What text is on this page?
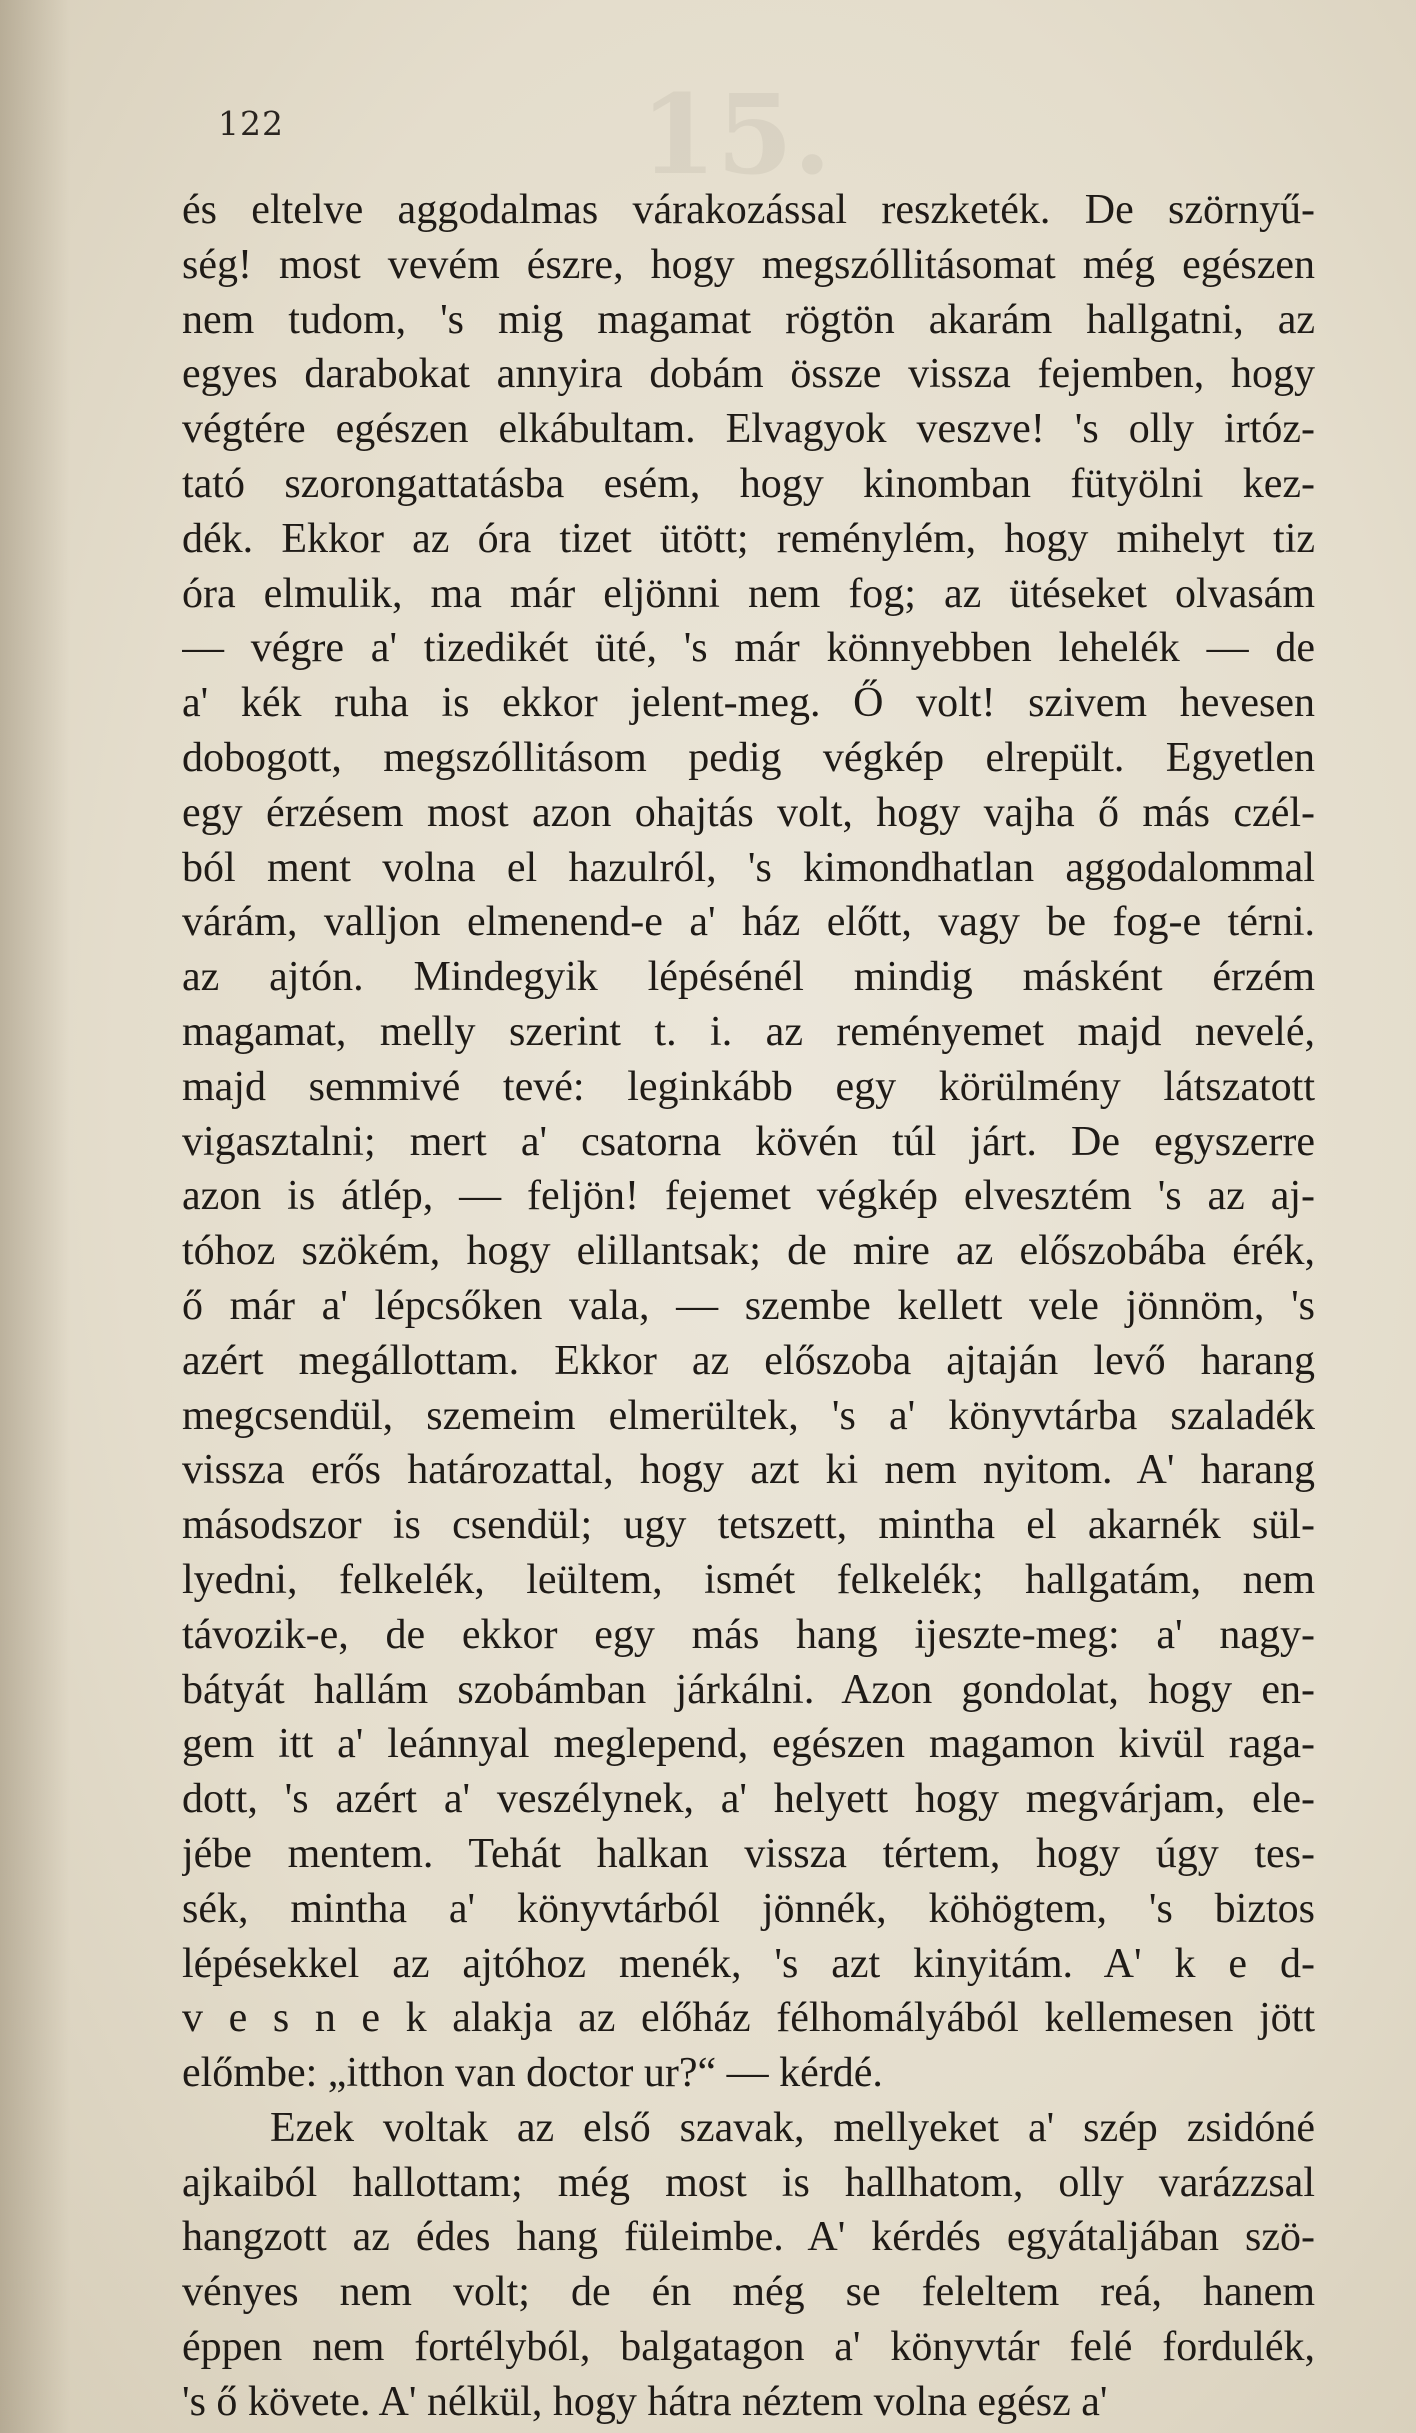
15.
122
és eltelve aggodalmas várakozással reszketék. De szörnyű-
ség! most vevém észre, hogy megszóllitásomat még egészen
nem tudom, 's mig magamat rögtön akarám hallgatni, az
egyes darabokat annyira dobám össze vissza fejemben, hogy
végtére egészen elkábultam. Elvagyok veszve! 's olly irtóz-
tató szorongattatásba esém, hogy kinomban fütyölni kez-
dék. Ekkor az óra tizet ütött; reménylém, hogy mihelyt tiz
óra elmulik, ma már eljönni nem fog; az ütéseket olvasám
— végre a' tizedikét üté, 's már könnyebben lehelék — de
a' kék ruha is ekkor jelent-meg. Ő volt! szivem hevesen
dobogott, megszóllitásom pedig végkép elrepült. Egyetlen
egy érzésem most azon ohajtás volt, hogy vajha ő más czél-
ból ment volna el hazulról, 's kimondhatlan aggodalommal
várám, valljon elmenend-e a' ház előtt, vagy be fog-e térni.
az ajtón. Mindegyik lépésénél mindig másként érzém
magamat, melly szerint t. i. az reményemet majd nevelé,
majd semmivé tevé: leginkább egy körülmény látszatott
vigasztalni; mert a' csatorna kövén túl járt. De egyszerre
azon is átlép, — feljön! fejemet végkép elvesztém 's az aj-
tóhoz szökém, hogy elillantsak; de mire az előszobába érék,
ő már a' lépcsőken vala, — szembe kellett vele jönnöm, 's
azért megállottam. Ekkor az előszoba ajtaján levő harang
megcsendül, szemeim elmerültek, 's a' könyvtárba szaladék
vissza erős határozattal, hogy azt ki nem nyitom. A' harang
másodszor is csendül; ugy tetszett, mintha el akarnék sül-
lyedni, felkelék, leültem, ismét felkelék; hallgatám, nem
távozik-e, de ekkor egy más hang ijeszte-meg: a' nagy-
bátyát hallám szobámban járkálni. Azon gondolat, hogy en-
gem itt a' leánnyal meglepend, egészen magamon kivül raga-
dott, 's azért a' veszélynek, a' helyett hogy megvárjam, ele-
jébe mentem. Tehát halkan vissza tértem, hogy úgy tes-
sék, mintha a' könyvtárból jönnék, köhögtem, 's biztos
lépésekkel az ajtóhoz menék, 's azt kinyitám. A' k e d-
v e s n e k alakja az előház félhomályából kellemesen jött
előmbe: „itthon van doctor ur?“ — kérdé.
Ezek voltak az első szavak, mellyeket a' szép zsidóné
ajkaiból hallottam; még most is hallhatom, olly varázzsal
hangzott az édes hang füleimbe. A' kérdés egyátaljában szö-
vényes nem volt; de én még se feleltem reá, hanem
éppen nem fortélyból, balgatagon a' könyvtár felé fordulék,
's ő követe. A' nélkül, hogy hátra néztem volna egész a'
